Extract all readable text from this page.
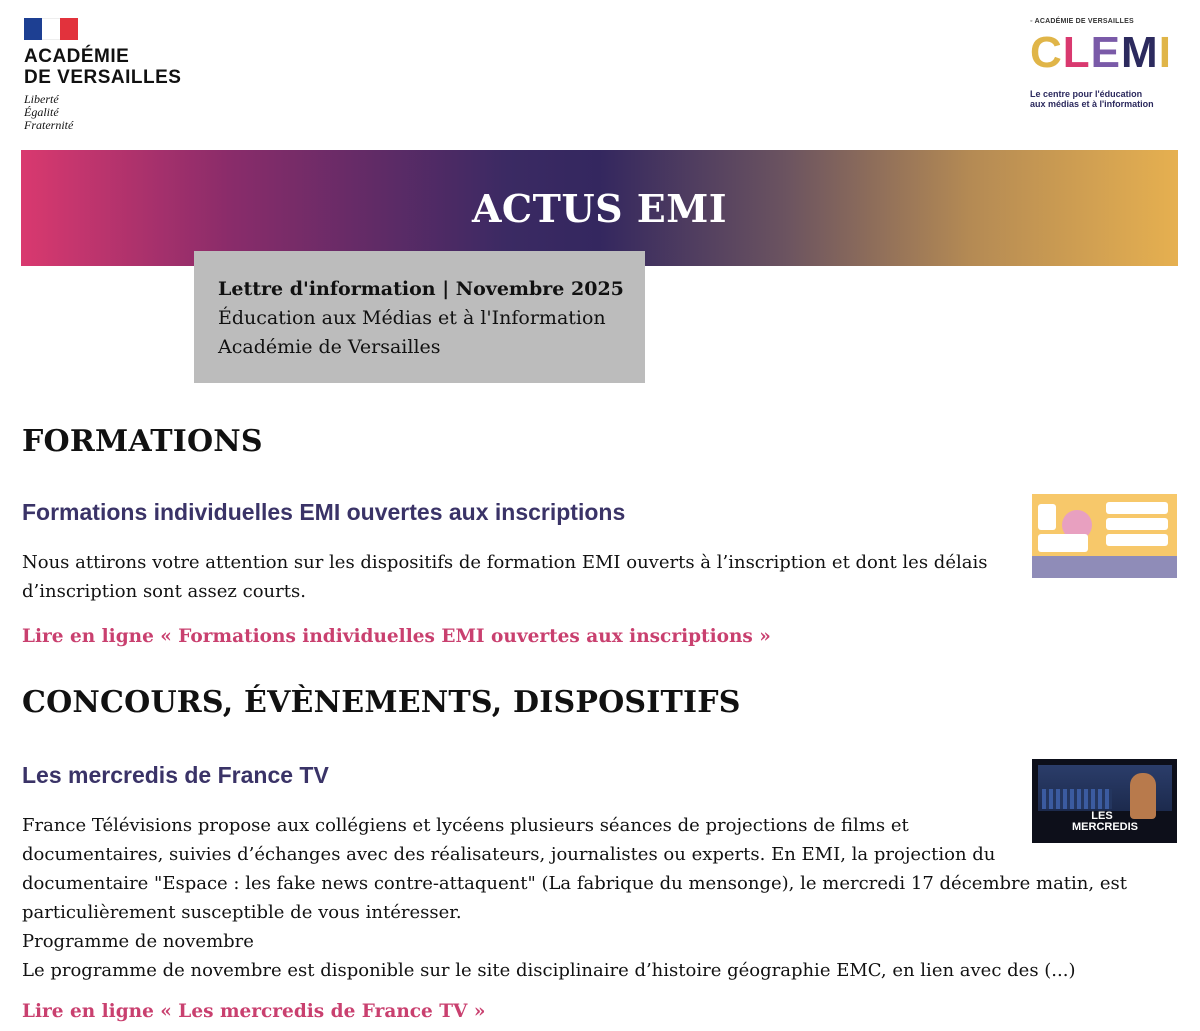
ACADÉMIE
DE VERSAILLES
Liberté
Égalité
Fraternité
◦ ACADÉMIE DE VERSAILLES
C L E M I
Le centre pour l'éducation
aux médias et à l'information
ACTUS EMI
Lettre d'information | Novembre 2025
Éducation aux Médias et à l'Information
Académie de Versailles
FORMATIONS
Formations individuelles EMI ouvertes aux inscriptions
Nous attirons votre attention sur les dispositifs de formation EMI ouverts à l’inscription et dont les délais
d’inscription sont assez courts.
Lire en ligne « Formations individuelles EMI ouvertes aux inscriptions »
CONCOURS, ÉVÈNEMENTS, DISPOSITIFS
Les mercredis de France TV
LES
MERCREDIS
France Télévisions propose aux collégiens et lycéens plusieurs séances de projections de films et
documentaires, suivies d’échanges avec des réalisateurs, journalistes ou experts. En EMI, la projection du
documentaire "Espace : les fake news contre-attaquent" (La fabrique du mensonge), le mercredi 17 décembre matin, est
particulièrement susceptible de vous intéresser.
Programme de novembre
Le programme de novembre est disponible sur le site disciplinaire d’histoire géographie EMC, en lien avec des (...)
Lire en ligne « Les mercredis de France TV »
